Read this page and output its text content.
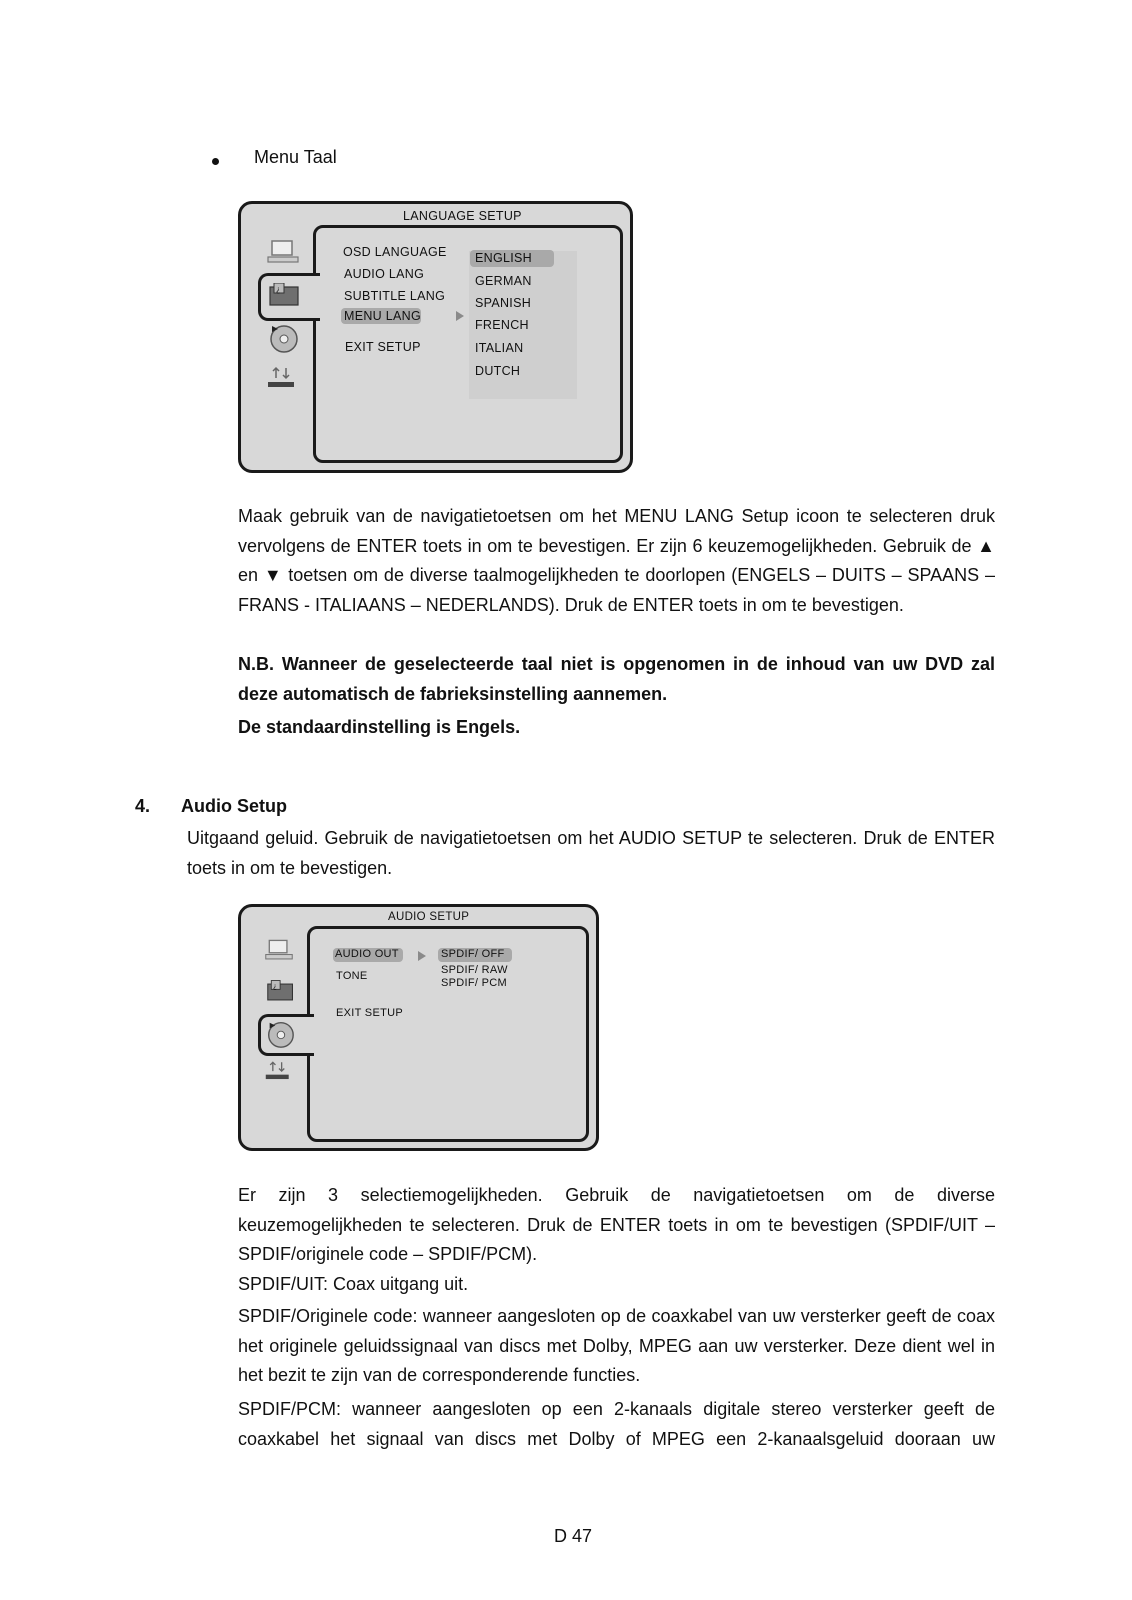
Menu Taal
LANGUAGE SETUP
¿
OSD LANGUAGE
AUDIO LANG
SUBTITLE LANG
MENU LANG
EXIT SETUP
ENGLISH
GERMAN
SPANISH
FRENCH
ITALIAN
DUTCH
Maak gebruik van de navigatietoetsen om het MENU LANG Setup icoon te selecteren druk vervolgens de ENTER toets in om te bevestigen. Er zijn 6 keuzemogelijkheden. Gebruik de ▲ en ▼ toetsen om de diverse taalmogelijkheden te doorlopen (ENGELS – DUITS – SPAANS – FRANS - ITALIAANS – NEDERLANDS). Druk de ENTER toets in om te bevestigen.
N.B. Wanneer de geselecteerde taal niet is opgenomen in de inhoud van uw DVD zal deze automatisch de fabrieksinstelling aannemen.
De standaardinstelling is Engels.
4. Audio Setup
Uitgaand geluid. Gebruik de navigatietoetsen om het AUDIO SETUP te selecteren. Druk de ENTER toets in om te bevestigen.
AUDIO SETUP
¿
AUDIO OUT
TONE
EXIT SETUP
SPDIF/ OFF
SPDIF/ RAW
SPDIF/ PCM
Er zijn 3 selectiemogelijkheden. Gebruik de navigatietoetsen om de diverse keuzemogelijkheden te selecteren. Druk de ENTER toets in om te bevestigen (SPDIF/UIT – SPDIF/originele code – SPDIF/PCM).
SPDIF/UIT: Coax uitgang uit.
SPDIF/Originele code: wanneer aangesloten op de coaxkabel van uw versterker geeft de coax het originele geluidssignaal van discs met Dolby, MPEG aan uw versterker. Deze dient wel in het bezit te zijn van de corresponderende functies.
SPDIF/PCM: wanneer aangesloten op een 2-kanaals digitale stereo versterker geeft de coaxkabel het signaal van discs met Dolby of MPEG een 2-kanaalsgeluid dooraan uw
D 47
